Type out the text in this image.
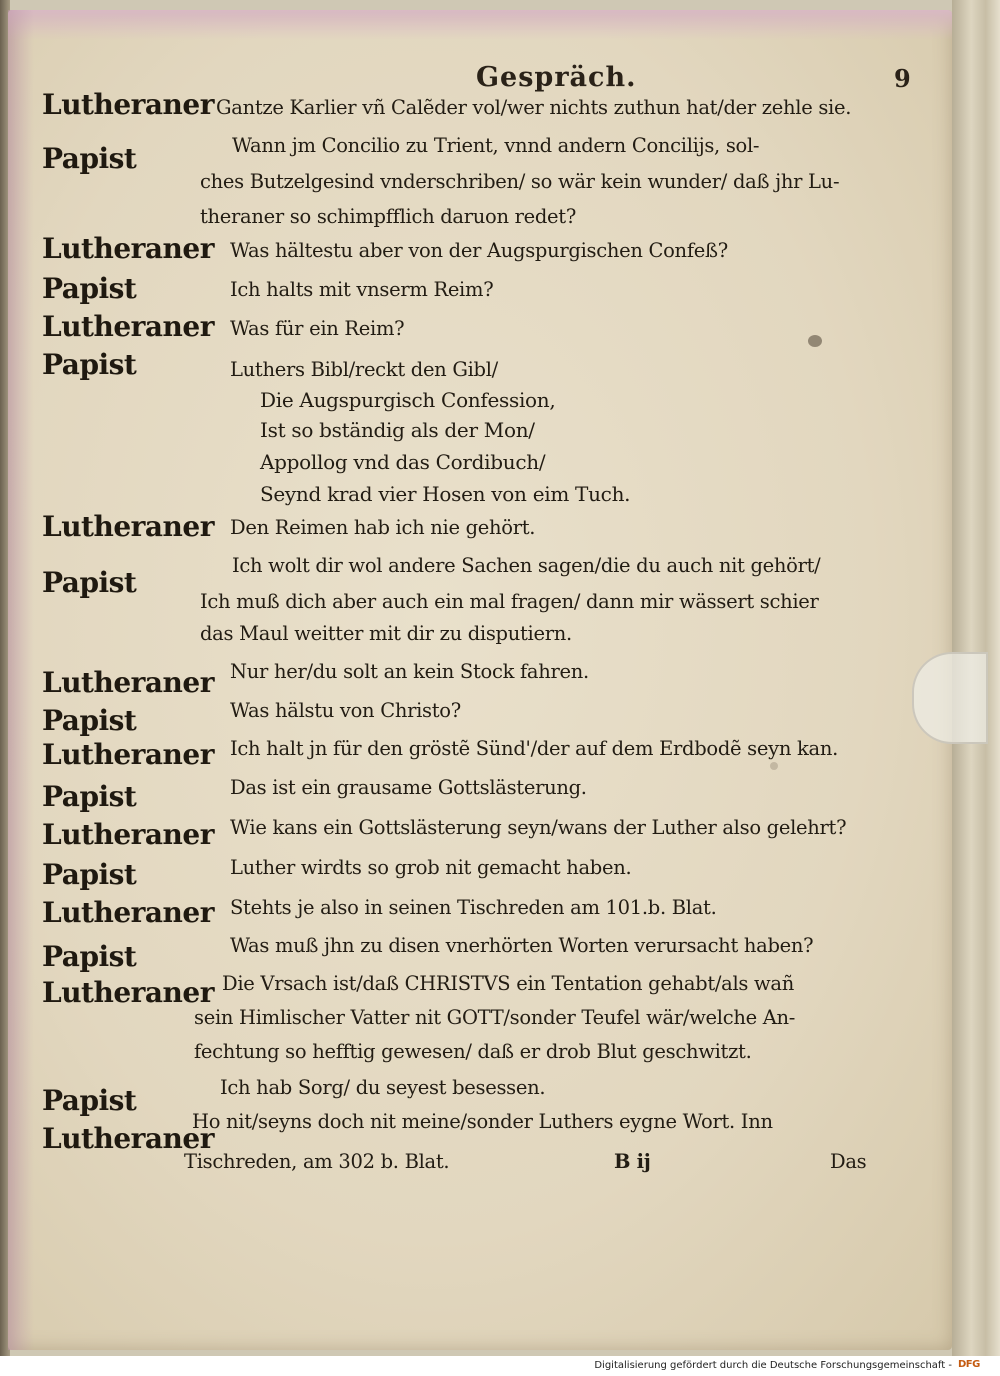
Gespräch.	9
Lutheraner Gantze Karlier vñ Calẽder vol/wer nichts zuthun hat/der zehle sie.
Papist	Wann jm Concilio zu Trient, vnnd andern Concilijs, sol-
ches Butzelgesind vnderschriben/ so wär kein wunder/ daß jhr Lu-
theraner so schimpfflich daruon redet?
Lutheraner Was hältestu aber von der Augspurgischen Confeß?
Papist	Ich halts mit vnserm Reim?
Lutheraner Was für ein Reim?
Papist	Luthers Bibl/reckt den Gibl/
Die Augspurgisch Confession,
Ist so bständig als der Mon/
Appollog vnd das Cordibuch/
Seynd krad vier Hosen von eim Tuch.
Lutheraner Den Reimen hab ich nie gehört.
Papist
Ich wolt dir wol andere Sachen sagen/die du auch nit gehört/
Ich muß dich aber auch ein mal fragen/ dann mir wässert schier
das Maul weitter mit dir zu disputiern.
Lutheraner Nur her/du solt an kein Stock fahren.
Papist	Was hälstu von Christo?
Lutheraner Ich halt jn für den gröstẽ Sünd'/der auf dem Erdbodẽ seyn kan.
Papist	Das ist ein grausame Gottslästerung.
Lutheraner Wie kans ein Gottslästerung seyn/wans der Luther also gelehrt?
Papist	Luther wirdts so grob nit gemacht haben.
Lutheraner Stehts je also in seinen Tischreden am 101.b. Blat.
Papist	Was muß jhn zu disen vnerhörten Worten verursacht haben?
Lutheraner Die Vrsach ist/daß CHRISTVS ein Tentation gehabt/als wañ
sein Himlischer Vatter nit GOTT/sonder Teufel wär/welche An-
fechtung so hefftig gewesen/ daß er drob Blut geschwitzt.
Papist	Ich hab Sorg/ du seyest besessen.
Lutheraner
Ho nit/seyns doch nit meine/sonder Luthers eygne Wort. Inn
Tischreden, am 302 b. Blat.	B ij	Das
Digitalisierung gefördert durch die Deutsche Forschungsgemeinschaft - DFG
